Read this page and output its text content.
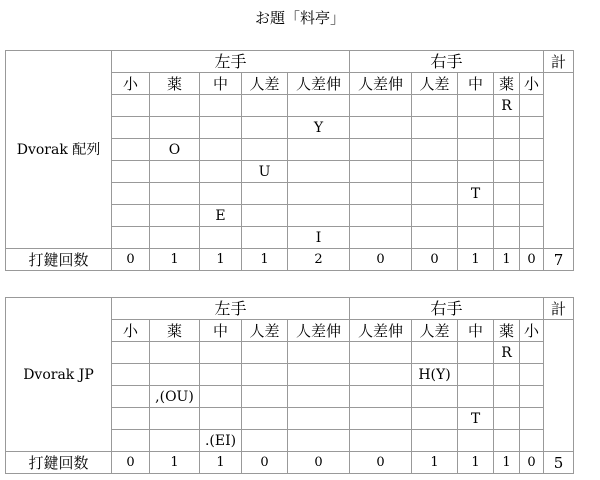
お題「料亭」
Dvorak 配列	左手					右手					計
	小	薬	中	人差	人差伸	人差伸	人差	中	薬	小	
									R		
					Y						
		O									
				U							
								T			
			E								
					I						
打鍵回数	0	1	1	1	2	0	0	1	1	0	7
Dvorak JP	左手					右手					計
	小	薬	中	人差	人差伸	人差伸	人差	中	薬	小	
									R		
							H(Y)				
		,(OU)									
								T			
			.(EI)								
打鍵回数	0	1	1	0	0	0	1	1	1	0	5
